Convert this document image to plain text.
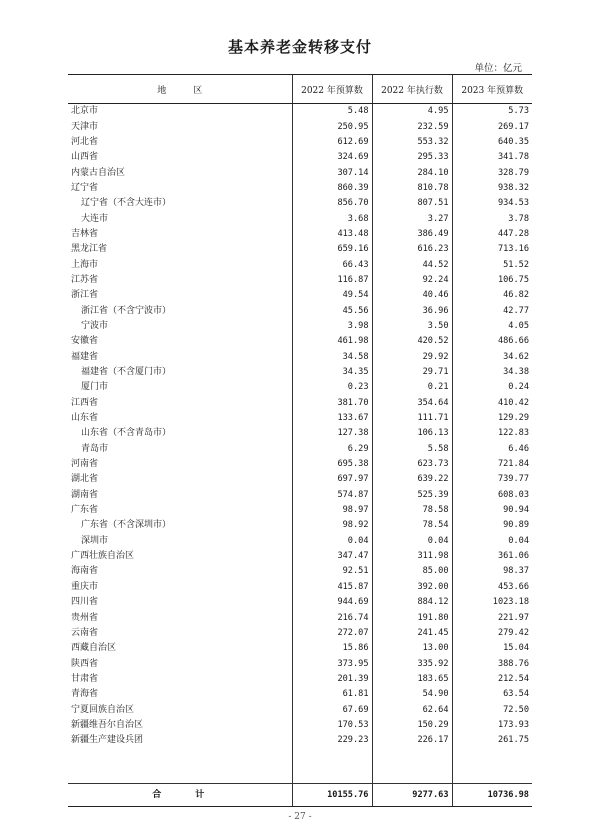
基本养老金转移支付
单位：亿元
地　　　区	2022 年预算数	2022 年执行数	2023 年预算数
北京市	5.48	4.95	5.73
天津市	250.95	232.59	269.17
河北省	612.69	553.32	640.35
山西省	324.69	295.33	341.78
内蒙古自治区	307.14	284.10	328.79
辽宁省	860.39	810.78	938.32
辽宁省（不含大连市）	856.70	807.51	934.53
大连市	3.68	3.27	3.78
吉林省	413.48	386.49	447.28
黑龙江省	659.16	616.23	713.16
上海市	66.43	44.52	51.52
江苏省	116.87	92.24	106.75
浙江省	49.54	40.46	46.82
浙江省（不含宁波市）	45.56	36.96	42.77
宁波市	3.98	3.50	4.05
安徽省	461.98	420.52	486.66
福建省	34.58	29.92	34.62
福建省（不含厦门市）	34.35	29.71	34.38
厦门市	0.23	0.21	0.24
江西省	381.70	354.64	410.42
山东省	133.67	111.71	129.29
山东省（不含青岛市）	127.38	106.13	122.83
青岛市	6.29	5.58	6.46
河南省	695.38	623.73	721.84
湖北省	697.97	639.22	739.77
湖南省	574.87	525.39	608.03
广东省	98.97	78.58	90.94
广东省（不含深圳市）	98.92	78.54	90.89
深圳市	0.04	0.04	0.04
广西壮族自治区	347.47	311.98	361.06
海南省	92.51	85.00	98.37
重庆市	415.87	392.00	453.66
四川省	944.69	884.12	1023.18
贵州省	216.74	191.80	221.97
云南省	272.07	241.45	279.42
西藏自治区	15.86	13.00	15.04
陕西省	373.95	335.92	388.76
甘肃省	201.39	183.65	212.54
青海省	61.81	54.90	63.54
宁夏回族自治区	67.69	62.64	72.50
新疆维吾尔自治区	170.53	150.29	173.93
新疆生产建设兵团	229.23	226.17	261.75

合计	10155.76	9277.63	10736.98
- 27 -
